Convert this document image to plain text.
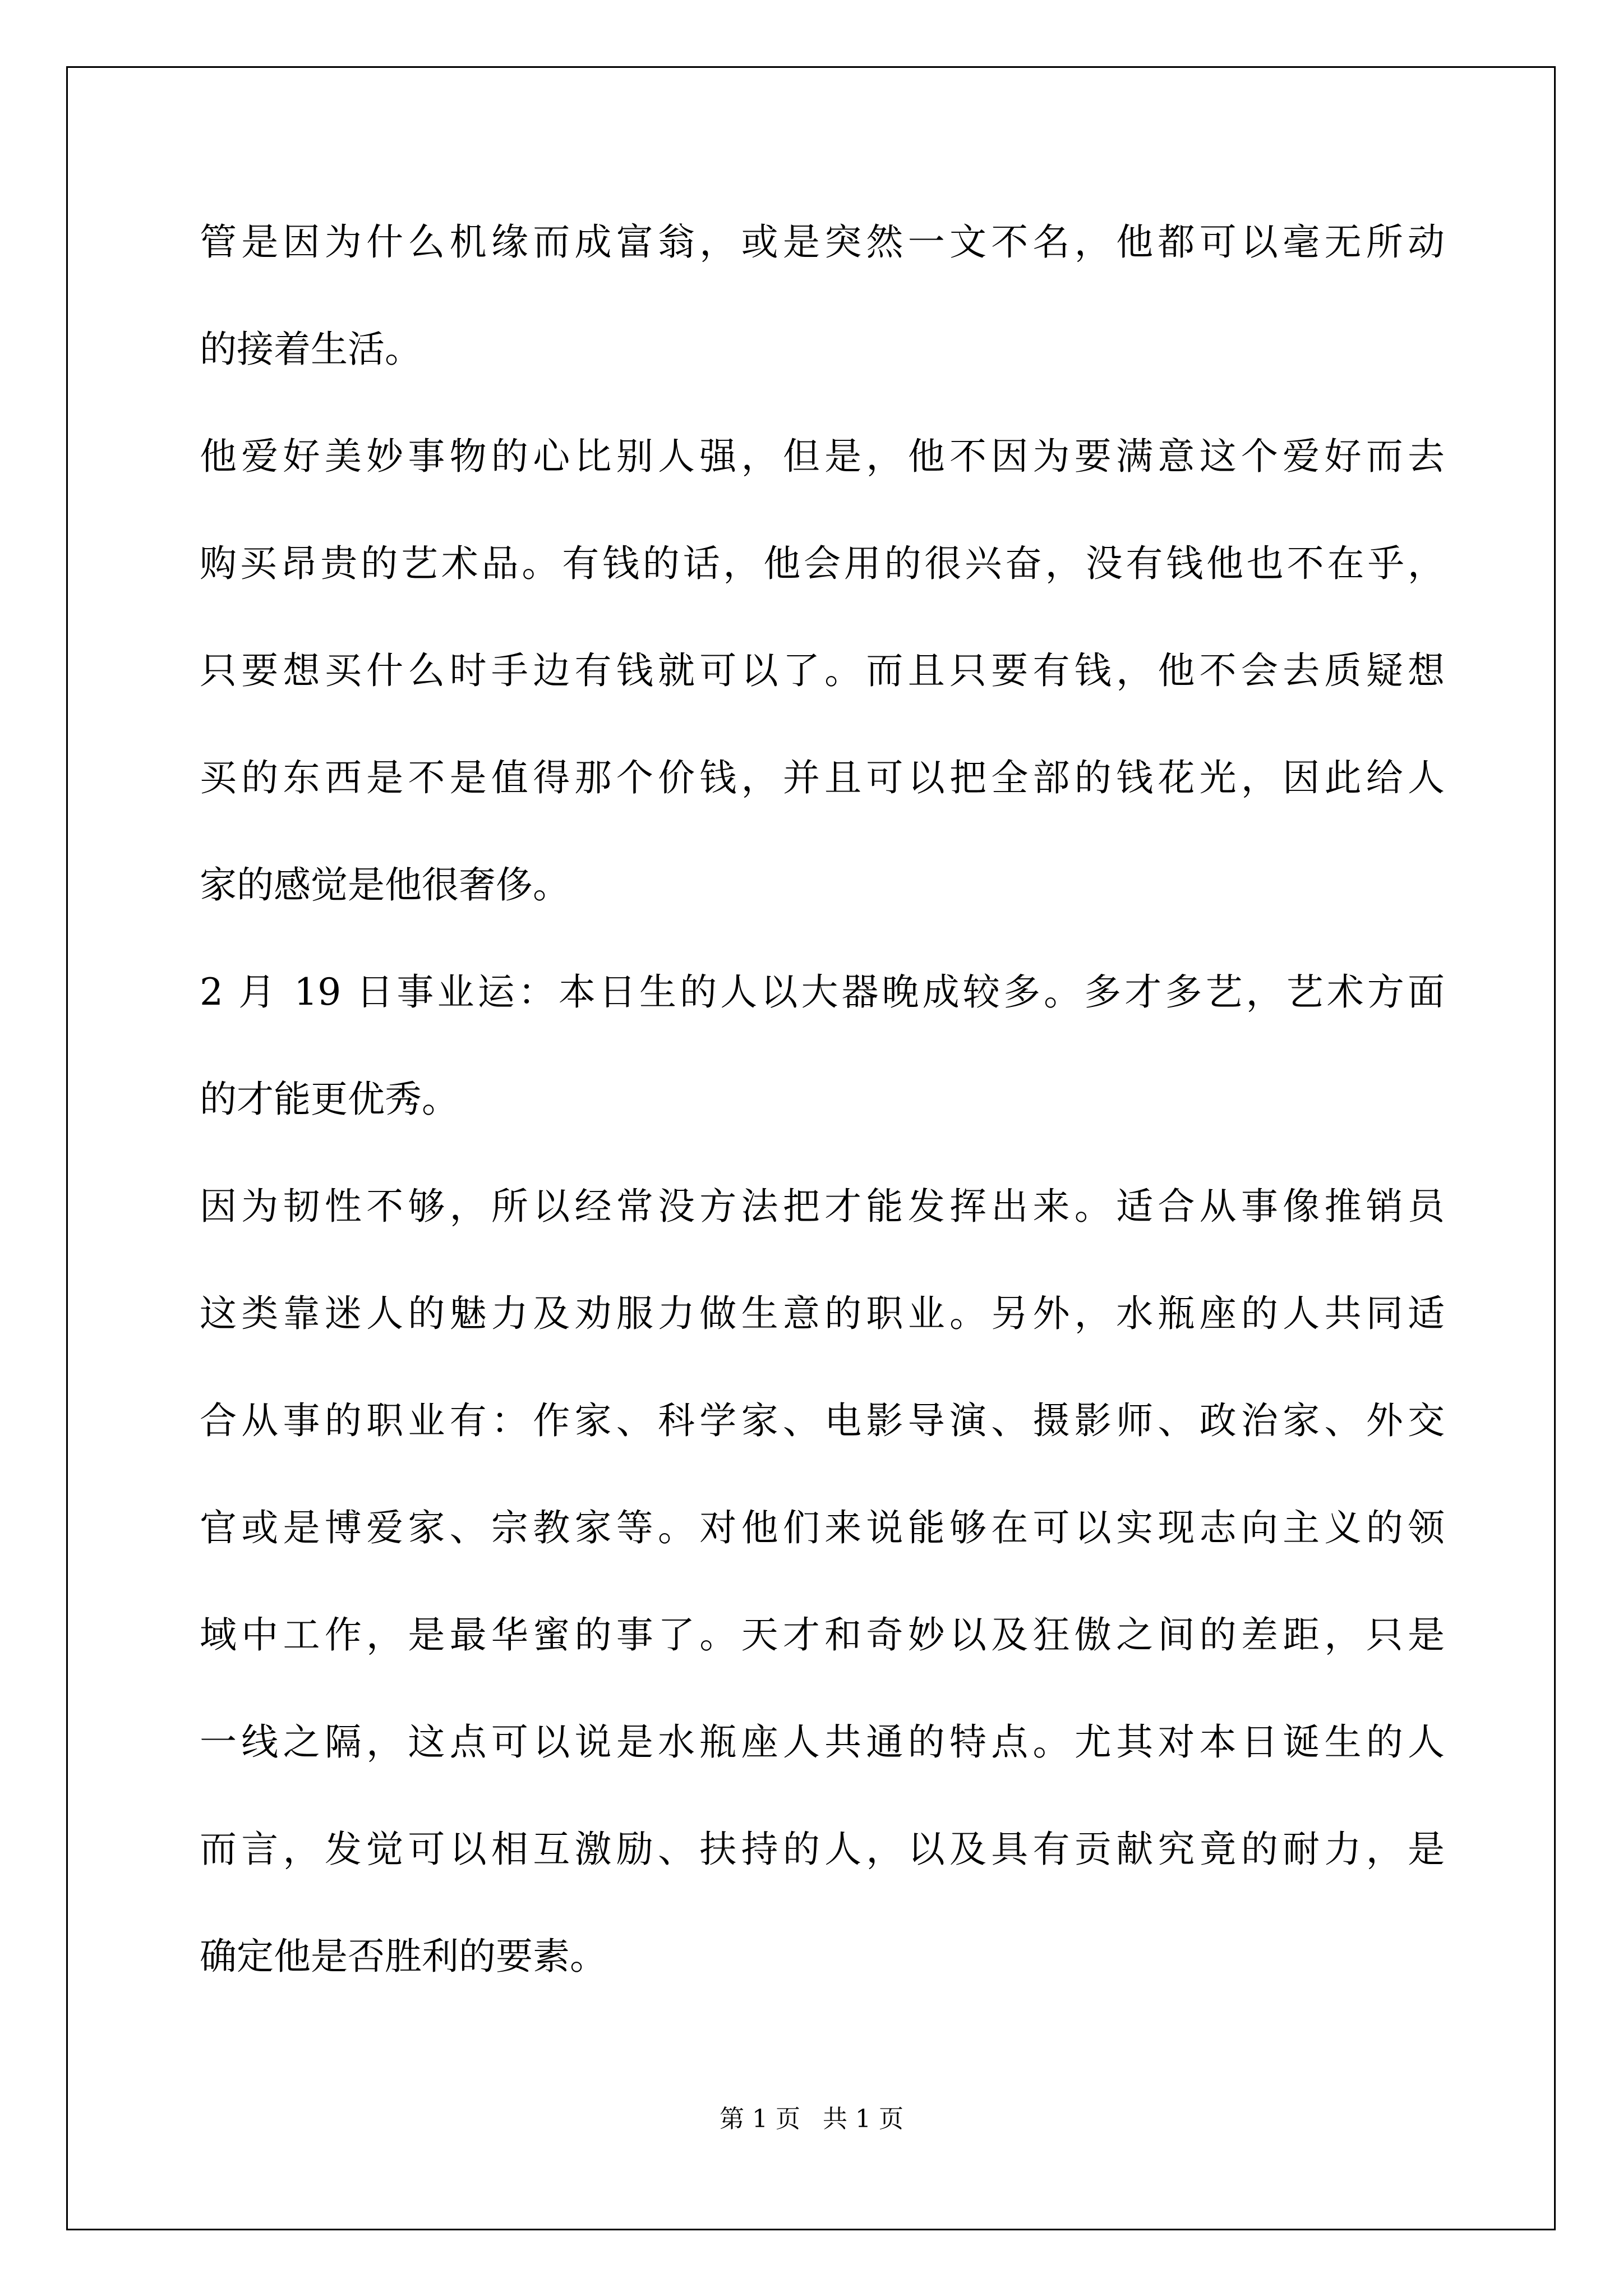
管是因为什么机缘而成富翁，或是突然一文不名，他都可以毫无所动
的接着生活。
他爱好美妙事物的心比别人强，但是，他不因为要满意这个爱好而去
购买昂贵的艺术品。有钱的话，他会用的很兴奋，没有钱他也不在乎，
只要想买什么时手边有钱就可以了。而且只要有钱，他不会去质疑想
买的东西是不是值得那个价钱，并且可以把全部的钱花光，因此给人
家的感觉是他很奢侈。
2 月 19 日事业运：本日生的人以大器晚成较多。多才多艺，艺术方面
的才能更优秀。
因为韧性不够，所以经常没方法把才能发挥出来。适合从事像推销员
这类靠迷人的魅力及劝服力做生意的职业。另外，水瓶座的人共同适
合从事的职业有：作家、科学家、电影导演、摄影师、政治家、外交
官或是博爱家、宗教家等。对他们来说能够在可以实现志向主义的领
域中工作，是最华蜜的事了。天才和奇妙以及狂傲之间的差距，只是
一线之隔，这点可以说是水瓶座人共通的特点。尤其对本日诞生的人
而言，发觉可以相互激励、扶持的人，以及具有贡献究竟的耐力，是
确定他是否胜利的要素。
第 1 页 共 1 页
